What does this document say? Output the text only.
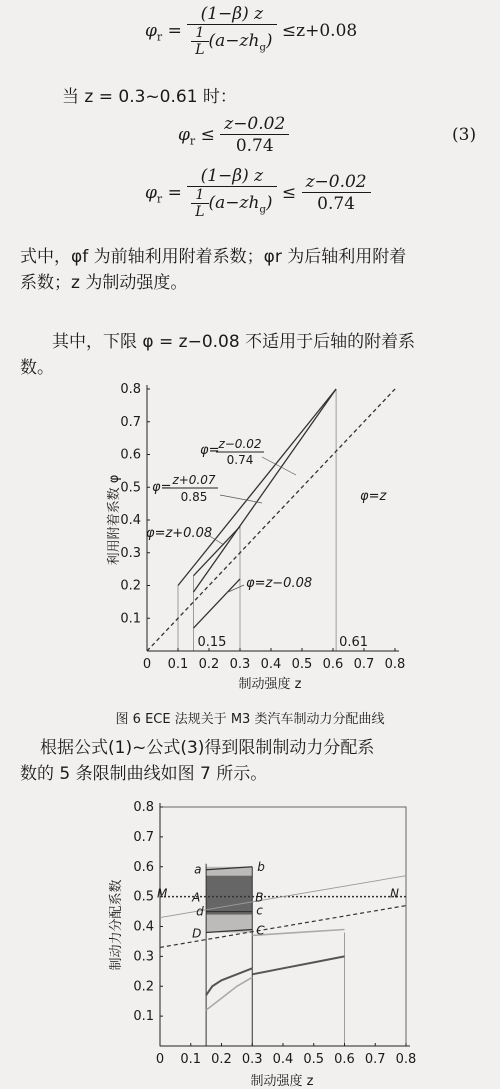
$\varphi_r = \frac{(1-\beta) z}{\frac{1}{L} (a-zh_g)} \le z+0.08$
当 z = 0.3~0.61 时：
$\varphi_r \le \frac{z-0.02}{0.74}$	(3)
$\varphi_r = \frac{(1-\beta) z}{\frac{1}{L} (a-zh_g)} \le \frac{z-0.02}{0.74}$
式中，φf 为前轴利用附着系数；φr 为后轴利用附着
系数；z 为制动强度。
其中，下限 φ = z−0.08 不适用于后轴的附着系
数。
0 0.1 0.2 0.3 0.4 0.5 0.6 0.7 0.8
0.1
0.2
0.3
0.4
0.5
0.6
0.7
0.8
制动强度 z
利用附着系数 φ
0.15	0.61
φ=z
φ=
z−0.02
0.74
φ= z+0.07
0.85
φ=z+0.08
φ=z−0.08
图 6 ECE 法规关于 M3 类汽车制动力分配曲线
根据公式(1)~公式(3)得到限制制动力分配系
数的 5 条限制曲线如图 7 所示。
0 0.1 0.2 0.3 0.4 0.5 0.6 0.7 0.8
0.1
0.2
0.3
0.4
0.5
0.6
0.7
0.8
制动强度 z
制动力分配系数
a	b
A	B
c
d
D	C
M	N
